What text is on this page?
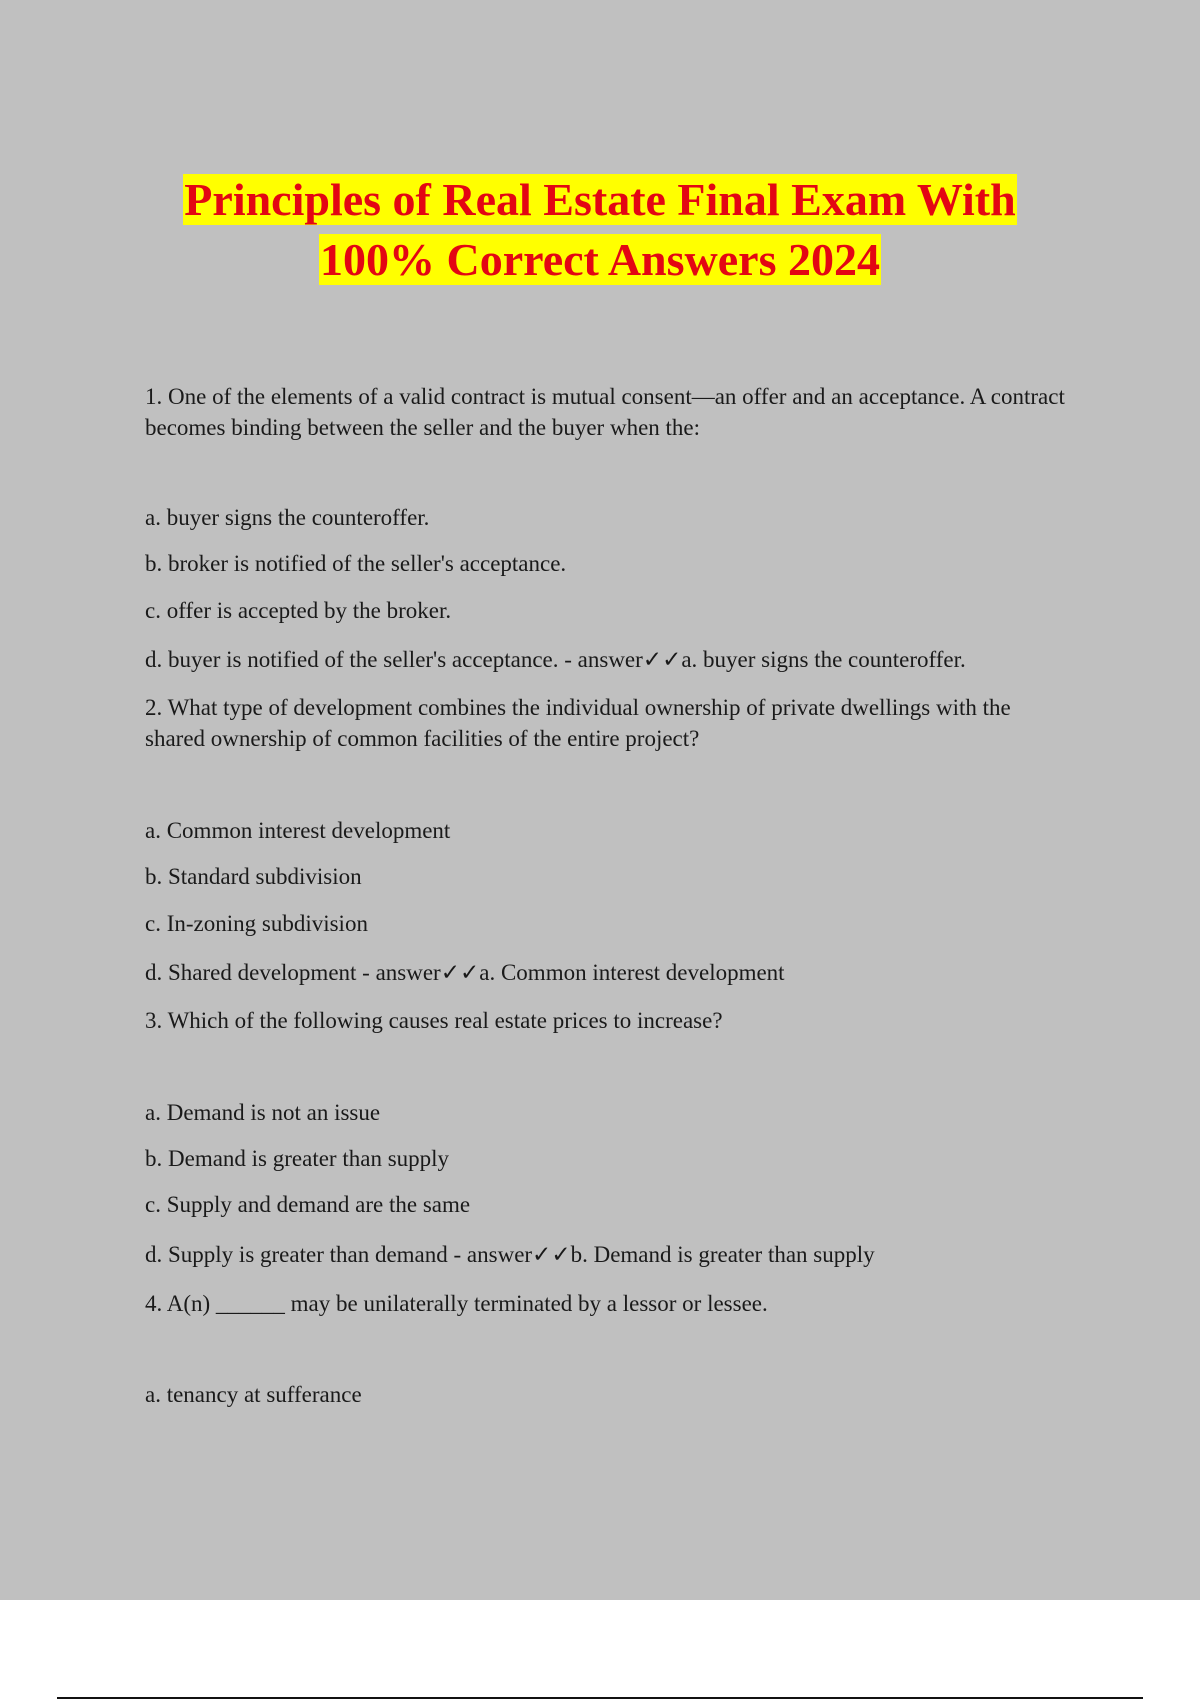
Principles of Real Estate Final Exam With
100% Correct Answers 2024
1. One of the elements of a valid contract is mutual consent—an offer and an acceptance. A contract becomes binding between the seller and the buyer when the:
a. buyer signs the counteroffer.
b. broker is notified of the seller's acceptance.
c. offer is accepted by the broker.
d. buyer is notified of the seller's acceptance. - answer✓✓a. buyer signs the counteroffer.
2. What type of development combines the individual ownership of private dwellings with the shared ownership of common facilities of the entire project?
a. Common interest development
b. Standard subdivision
c. In-zoning subdivision
d. Shared development - answer✓✓a. Common interest development
3. Which of the following causes real estate prices to increase?
a. Demand is not an issue
b. Demand is greater than supply
c. Supply and demand are the same
d. Supply is greater than demand - answer✓✓b. Demand is greater than supply
4. A(n) ______ may be unilaterally terminated by a lessor or lessee.
a. tenancy at sufferance
